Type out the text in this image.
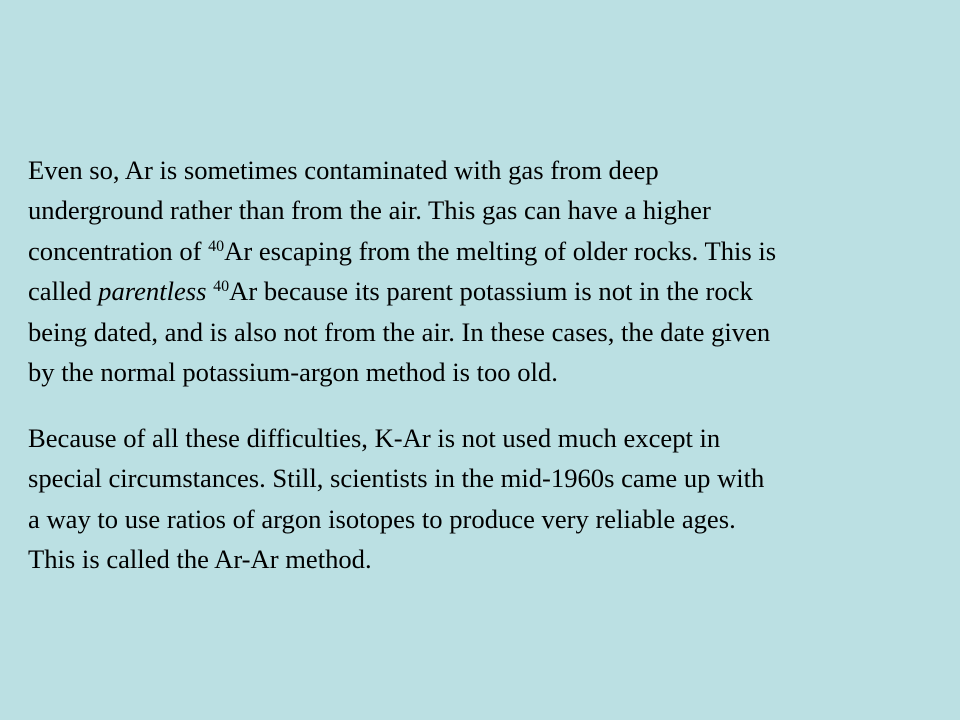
Even so, Ar is sometimes contaminated with gas from deep
underground rather than from the air. This gas can have a higher
concentration of $^{40}$Ar escaping from the melting of older rocks. This is
called parentless $^{40}$Ar because its parent potassium is not in the rock
being dated, and is also not from the air. In these cases, the date given
by the normal potassium-argon method is too old.
Because of all these difficulties, K-Ar is not used much except in
special circumstances. Still, scientists in the mid-1960s came up with
a way to use ratios of argon isotopes to produce very reliable ages.
This is called the Ar-Ar method.
